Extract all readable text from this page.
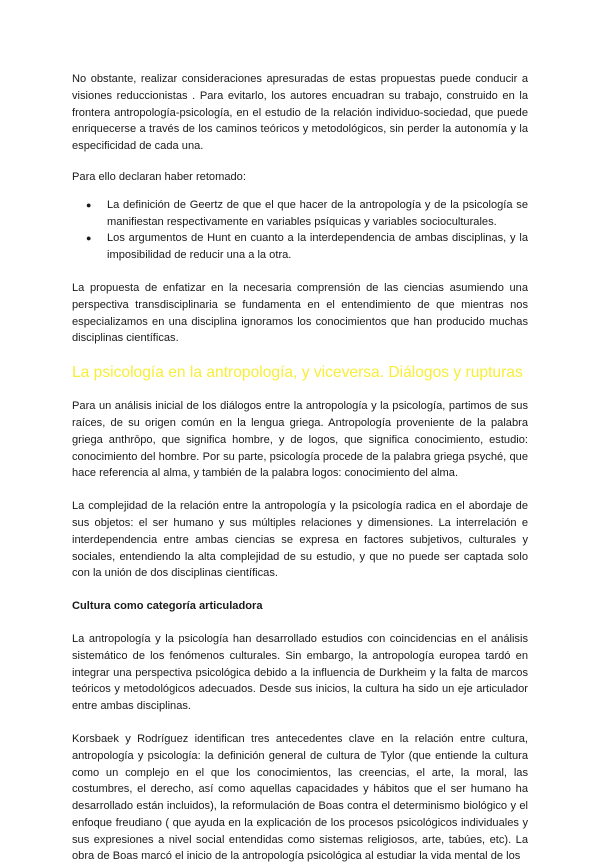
No obstante, realizar consideraciones apresuradas de estas propuestas puede conducir a visiones reduccionistas . Para evitarlo, los autores encuadran su trabajo, construido en la frontera antropología-psicología, en el estudio de la relación individuo-sociedad, que puede enriquecerse a través de los caminos teóricos y metodológicos, sin perder la autonomía y la especificidad de cada una.

Para ello declaran haber retomado:

● La definición de Geertz de que el que hacer de la antropología y de la psicología se manifiestan respectivamente en variables psíquicas y variables socioculturales.
● Los argumentos de Hunt en cuanto a la interdependencia de ambas disciplinas, y la imposibilidad de reducir una a la otra.

La propuesta de enfatizar en la necesaria comprensión de las ciencias asumiendo una perspectiva transdisciplinaria se fundamenta en el entendimiento de que mientras nos especializamos en una disciplina ignoramos los conocimientos que han producido muchas disciplinas científicas.

La psicología en la antropología, y viceversa. Diálogos y rupturas

Para un análisis inicial de los diálogos entre la antropología y la psicología, partimos de sus raíces, de su origen común en la lengua griega. Antropología proveniente de la palabra griega anthrōpo, que significa hombre, y de logos, que significa conocimiento, estudio: conocimiento del hombre. Por su parte, psicología procede de la palabra griega psyché, que hace referencia al alma, y también de la palabra logos: conocimiento del alma.

La complejidad de la relación entre la antropología y la psicología radica en el abordaje de sus objetos: el ser humano y sus múltiples relaciones y dimensiones. La interrelación e interdependencia entre ambas ciencias se expresa en factores subjetivos, culturales y sociales, entendiendo la alta complejidad de su estudio, y que no puede ser captada solo con la unión de dos disciplinas científicas.

Cultura como categoría articuladora

La antropología y la psicología han desarrollado estudios con coincidencias en el análisis sistemático de los fenómenos culturales. Sin embargo, la antropología europea tardó en integrar una perspectiva psicológica debido a la influencia de Durkheim y la falta de marcos teóricos y metodológicos adecuados. Desde sus inicios, la cultura ha sido un eje articulador entre ambas disciplinas.

Korsbaek y Rodríguez identifican tres antecedentes clave en la relación entre cultura, antropología y psicología: la definición general de cultura de Tylor (que entiende la cultura como un complejo en el que los conocimientos, las creencias, el arte, la moral, las costumbres, el derecho, así como aquellas capacidades y hábitos que el ser humano ha desarrollado están incluidos), la reformulación de Boas contra el determinismo biológico y el enfoque freudiano ( que ayuda en la explicación de los procesos psicológicos individuales y sus expresiones a nivel social entendidas como sistemas religiosos, arte, tabúes, etc). La obra de Boas marcó el inicio de la antropología psicológica al estudiar la vida mental de los
